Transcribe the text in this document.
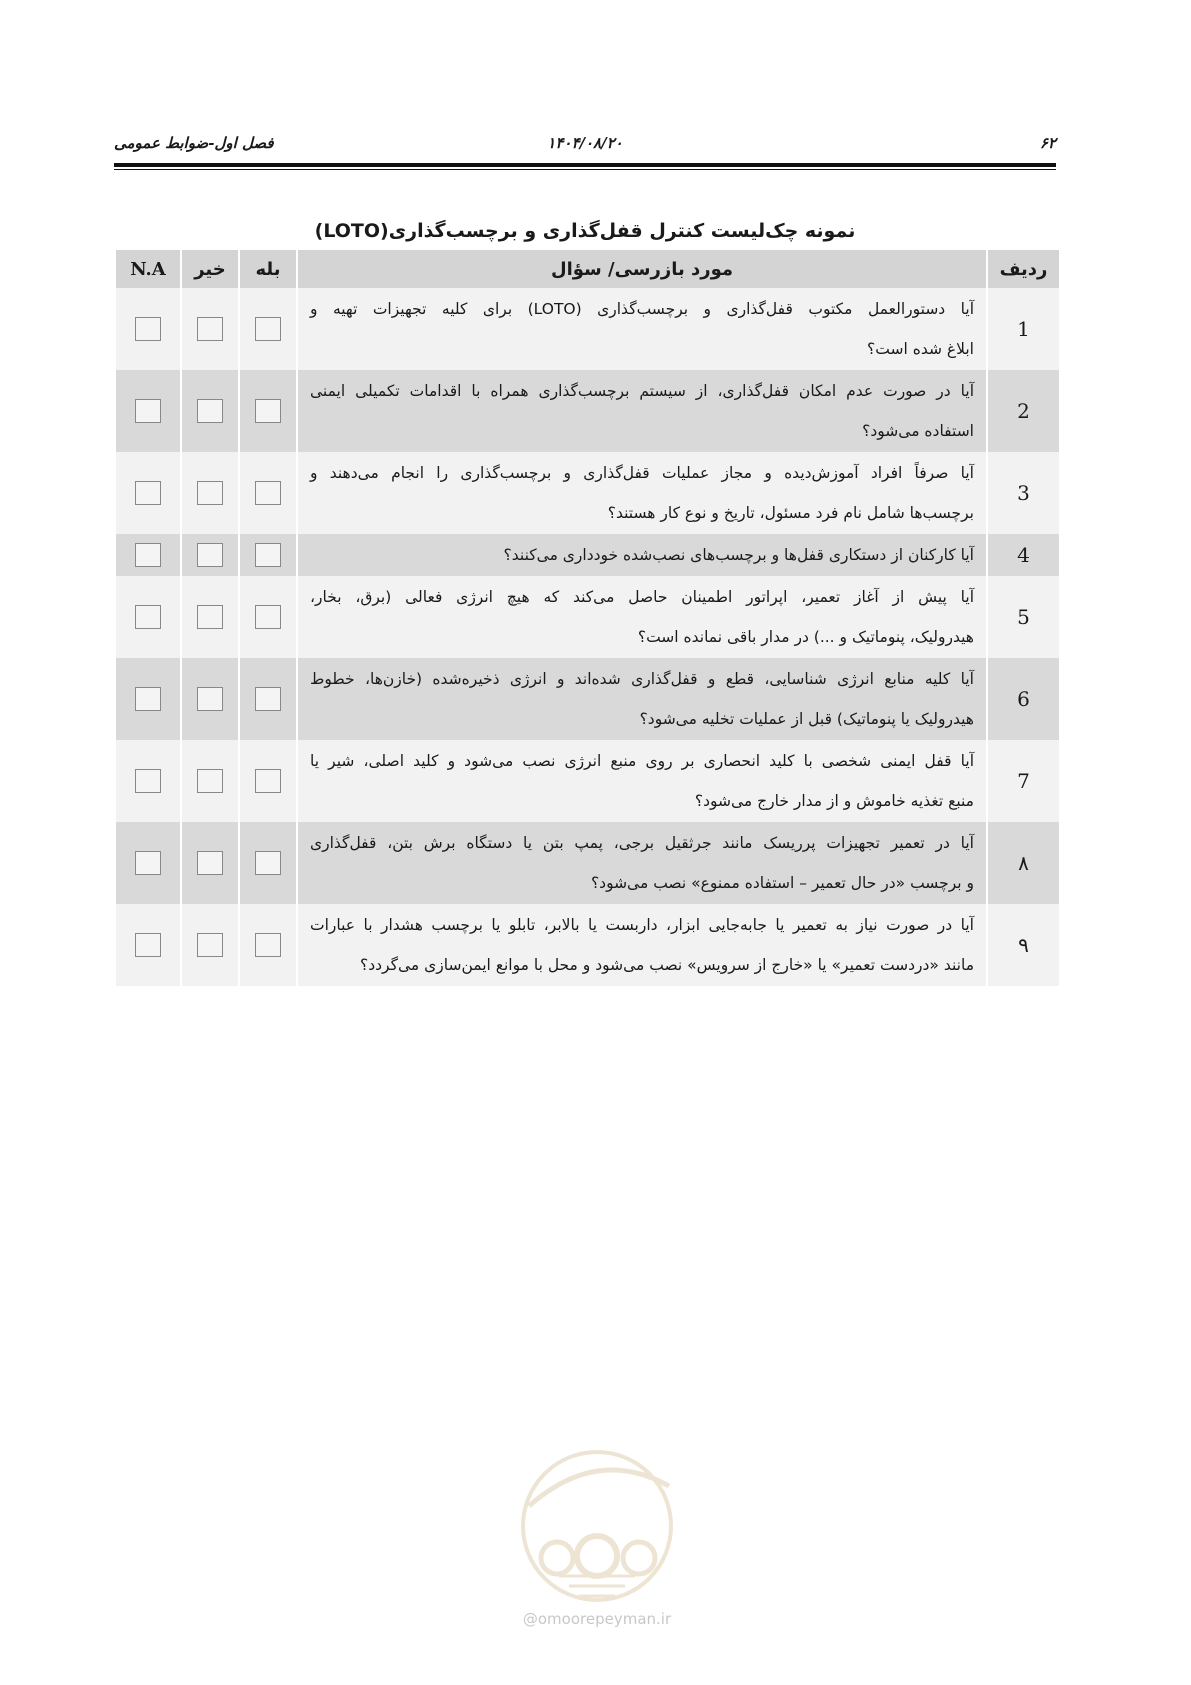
فصل اول-ضوابط عمومی	۱۴۰۴/۰۸/۲۰	۶۲
نمونه چک‌لیست کنترل قفل‌گذاری و برچسب‌گذاری(LOTO)
ردیف	مورد بازرسی/ سؤال	بله	خیر	N.A
1	آیا دستورالعمل مکتوب قفل‌گذاری و برچسب‌گذاری (LOTO) برای کلیه تجهیزات تهیه و
ابلاغ شده است؟			

2	آیا در صورت عدم امکان قفل‌گذاری، از سیستم برچسب‌گذاری همراه با اقدامات تکمیلی ایمنی
استفاده می‌شود؟			

3	آیا صرفاً افراد آموزش‌دیده و مجاز عملیات قفل‌گذاری و برچسب‌گذاری را انجام می‌دهند و
برچسب‌ها شامل نام فرد مسئول، تاریخ و نوع کار هستند؟			

4	آیا کارکنان از دستکاری قفل‌ها و برچسب‌های نصب‌شده خودداری می‌کنند؟			

5	آیا پیش از آغاز تعمیر، اپراتور اطمینان حاصل می‌کند که هیچ انرژی فعالی (برق، بخار،
هیدرولیک، پنوماتیک و ...) در مدار باقی نمانده است؟			

6	آیا کلیه منابع انرژی شناسایی، قطع و قفل‌گذاری شده‌اند و انرژی ذخیره‌شده (خازن‌ها، خطوط
هیدرولیک یا پنوماتیک) قبل از عملیات تخلیه می‌شود؟			

7	آیا قفل ایمنی شخصی با کلید انحصاری بر روی منبع انرژی نصب می‌شود و کلید اصلی، شیر یا
منبع تغذیه خاموش و از مدار خارج می‌شود؟			

۸	آیا در تعمیر تجهیزات پرریسک مانند جرثقیل برجی، پمپ بتن یا دستگاه برش بتن، قفل‌گذاری
و برچسب «در حال تعمیر – استفاده ممنوع» نصب می‌شود؟			

۹	آیا در صورت نیاز به تعمیر یا جابه‌جایی ابزار، داربست یا بالابر، تابلو یا برچسب هشدار با عبارات
مانند «دردست تعمیر» یا «خارج از سرویس» نصب می‌شود و محل با موانع ایمن‌سازی می‌گردد؟			

@omoorepeyman.ir
